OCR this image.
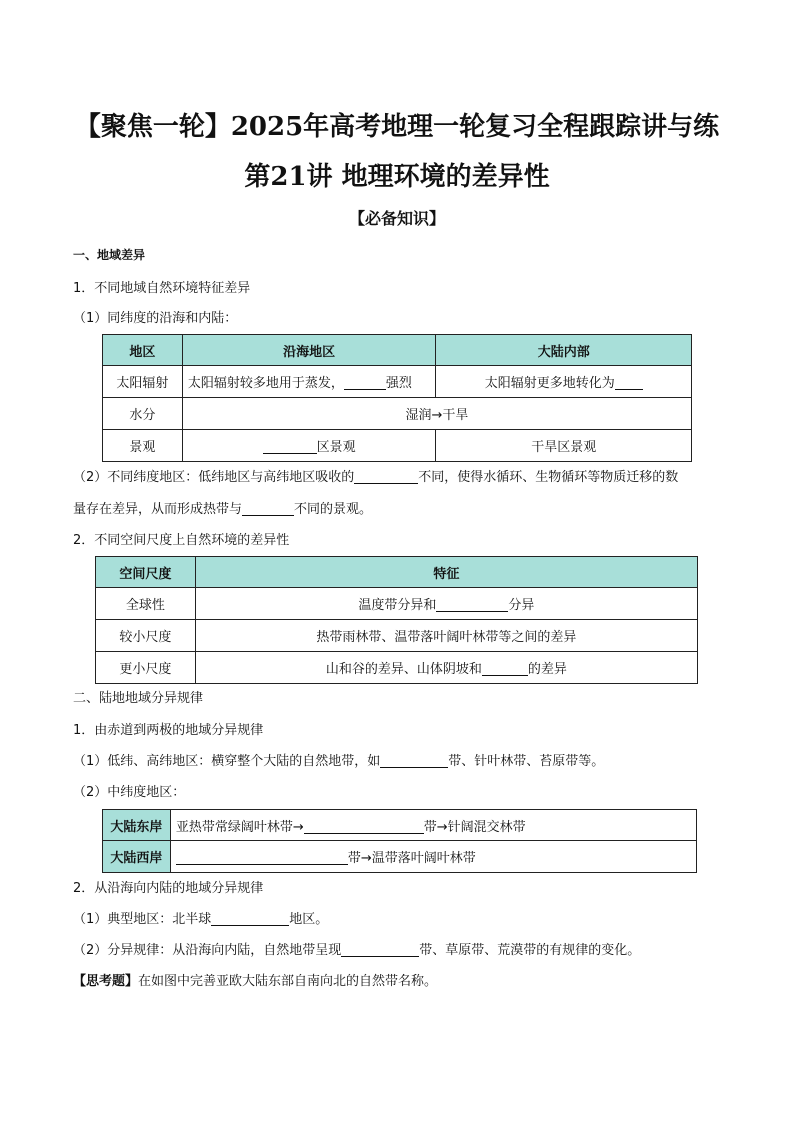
【聚焦一轮】2025年高考地理一轮复习全程跟踪讲与练
第21讲 地理环境的差异性
【必备知识】
一、地域差异
1．不同地域自然环境特征差异
（1）同纬度的沿海和内陆：
地区	沿海地区	大陆内部
太阳辐射	太阳辐射较多地用于蒸发， 强烈	太阳辐射更多地转化为
水分	湿润→干旱	
景观	区景观	干旱区景观
（2）不同纬度地区：低纬地区与高纬地区吸收的	不同，使得水循环、生物循环等物质迁移的数
量存在差异，从而形成热带与	不同的景观。
2．不同空间尺度上自然环境的差异性
空间尺度	特征
全球性	温度带分异和 分异
较小尺度	热带雨林带、温带落叶阔叶林带等之间的差异
更小尺度	山和谷的差异、山体阴坡和 的差异
二、陆地地域分异规律
1．由赤道到两极的地域分异规律
（1）低纬、高纬地区：横穿整个大陆的自然地带，如	带、针叶林带、苔原带等。
（2）中纬度地区：
大陆东岸	亚热带常绿阔叶林带→ 带→针阔混交林带
大陆西岸	带→温带落叶阔叶林带
2．从沿海向内陆的地域分异规律
（1）典型地区：北半球	地区。
（2）分异规律：从沿海向内陆，自然地带呈现	带、草原带、荒漠带的有规律的变化。
【思考题】在如图中完善亚欧大陆东部自南向北的自然带名称。
